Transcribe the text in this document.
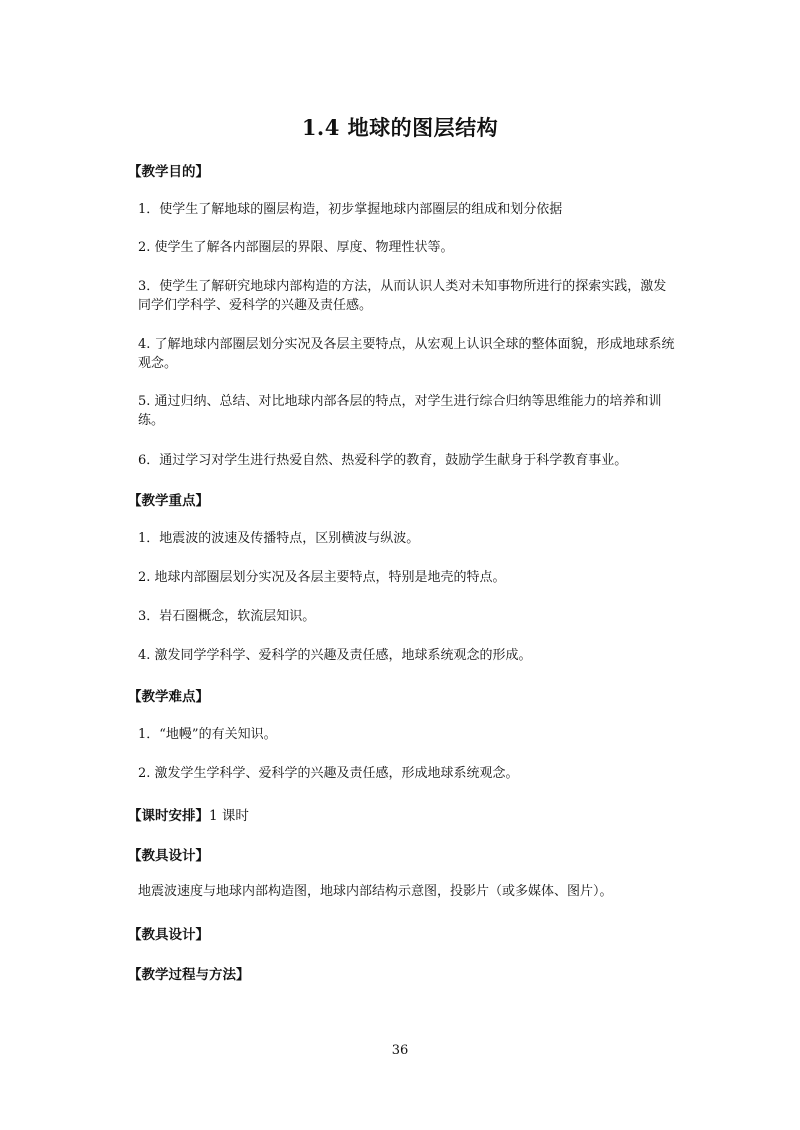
1.4 地球的图层结构

【教学目的】

1．使学生了解地球的圈层构造，初步掌握地球内部圈层的组成和划分依据

2. 使学生了解各内部圈层的界限、厚度、物理性状等。

3．使学生了解研究地球内部构造的方法，从而认识人类对未知事物所进行的探索实践，激发同学们学科学、爱科学的兴趣及责任感。

4. 了解地球内部圈层划分实况及各层主要特点，从宏观上认识全球的整体面貌，形成地球系统观念。

5. 通过归纳、总结、对比地球内部各层的特点，对学生进行综合归纳等思维能力的培养和训练。

6．通过学习对学生进行热爱自然、热爱科学的教育，鼓励学生献身于科学教育事业。

【教学重点】

1．地震波的波速及传播特点，区别横波与纵波。

2. 地球内部圈层划分实况及各层主要特点，特别是地壳的特点。

3．岩石圈概念，软流层知识。

4. 激发同学学科学、爱科学的兴趣及责任感，地球系统观念的形成。

【教学难点】

1．“地幔”的有关知识。

2. 激发学生学科学、爱科学的兴趣及责任感，形成地球系统观念。

【课时安排】1 课时

【教具设计】

地震波速度与地球内部构造图，地球内部结构示意图，投影片（或多媒体、图片）。

【教具设计】

【教学过程与方法】

36
